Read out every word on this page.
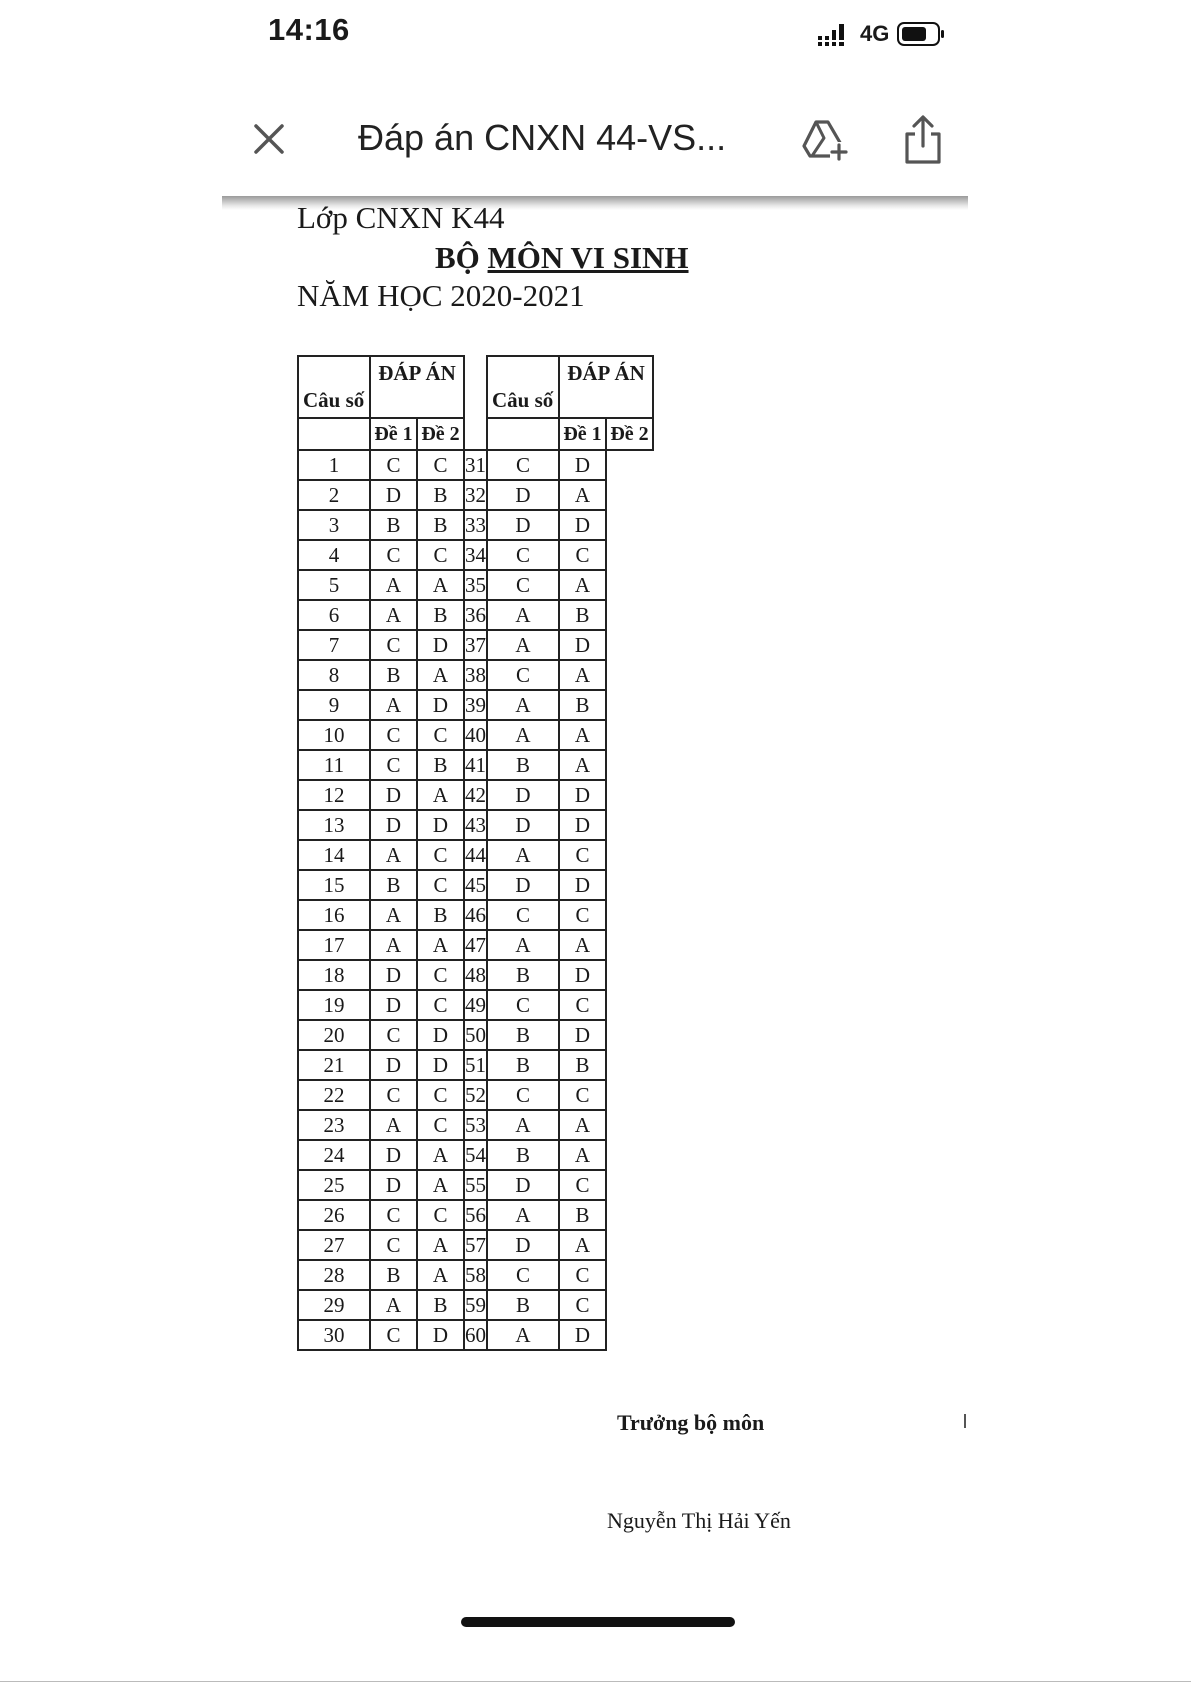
14:16	4G
Đáp án CNXN 44-VS...
Lớp CNXN K44
BỘ MÔN VI SINH
NĂM HỌC 2020-2021
Câu số	ĐÁP ÁN			Câu số	ĐÁP ÁN	
	Đề 1	Đề 2			Đề 1	Đề 2
1	C	C	31	C	D	
2	D	B	32	D	A	
3	B	B	33	D	D	
4	C	C	34	C	C	
5	A	A	35	C	A	
6	A	B	36	A	B	
7	C	D	37	A	D	
8	B	A	38	C	A	
9	A	D	39	A	B	
10	C	C	40	A	A	
11	C	B	41	B	A	
12	D	A	42	D	D	
13	D	D	43	D	D	
14	A	C	44	A	C	
15	B	C	45	D	D	
16	A	B	46	C	C	
17	A	A	47	A	A	
18	D	C	48	B	D	
19	D	C	49	C	C	
20	C	D	50	B	D	
21	D	D	51	B	B	
22	C	C	52	C	C	
23	A	C	53	A	A	
24	D	A	54	B	A	
25	D	A	55	D	C	
26	C	C	56	A	B	
27	C	A	57	D	A	
28	B	A	58	C	C	
29	A	B	59	B	C	
30	C	D	60	A	D	
Trưởng bộ môn
Nguyễn Thị Hải Yến
